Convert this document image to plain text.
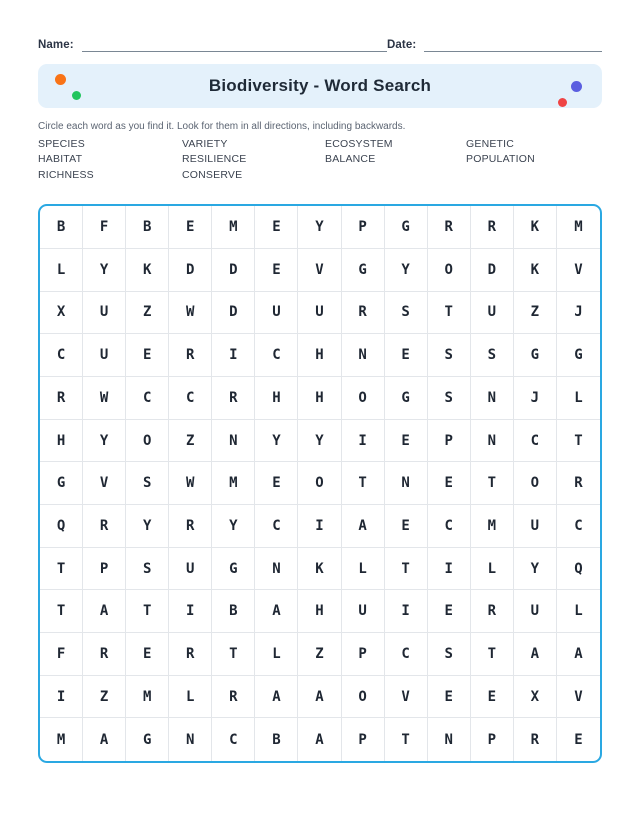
Name:	Date:
Biodiversity - Word Search
Circle each word as you find it. Look for them in all directions, including backwards.
SPECIES	VARIETY	ECOSYSTEM	GENETIC
HABITAT	RESILIENCE	BALANCE	POPULATION
RICHNESS	CONSERVE
B	F	B	E	M	E	Y	P	G	R	R	K	M
L	Y	K	D	D	E	V	G	Y	O	D	K	V
X	U	Z	W	D	U	U	R	S	T	U	Z	J
C	U	E	R	I	C	H	N	E	S	S	G	G
R	W	C	C	R	H	H	O	G	S	N	J	L
H	Y	O	Z	N	Y	Y	I	E	P	N	C	T
G	V	S	W	M	E	O	T	N	E	T	O	R
Q	R	Y	R	Y	C	I	A	E	C	M	U	C
T	P	S	U	G	N	K	L	T	I	L	Y	Q
T	A	T	I	B	A	H	U	I	E	R	U	L
F	R	E	R	T	L	Z	P	C	S	T	A	A
I	Z	M	L	R	A	A	O	V	E	E	X	V
M	A	G	N	C	B	A	P	T	N	P	R	E
